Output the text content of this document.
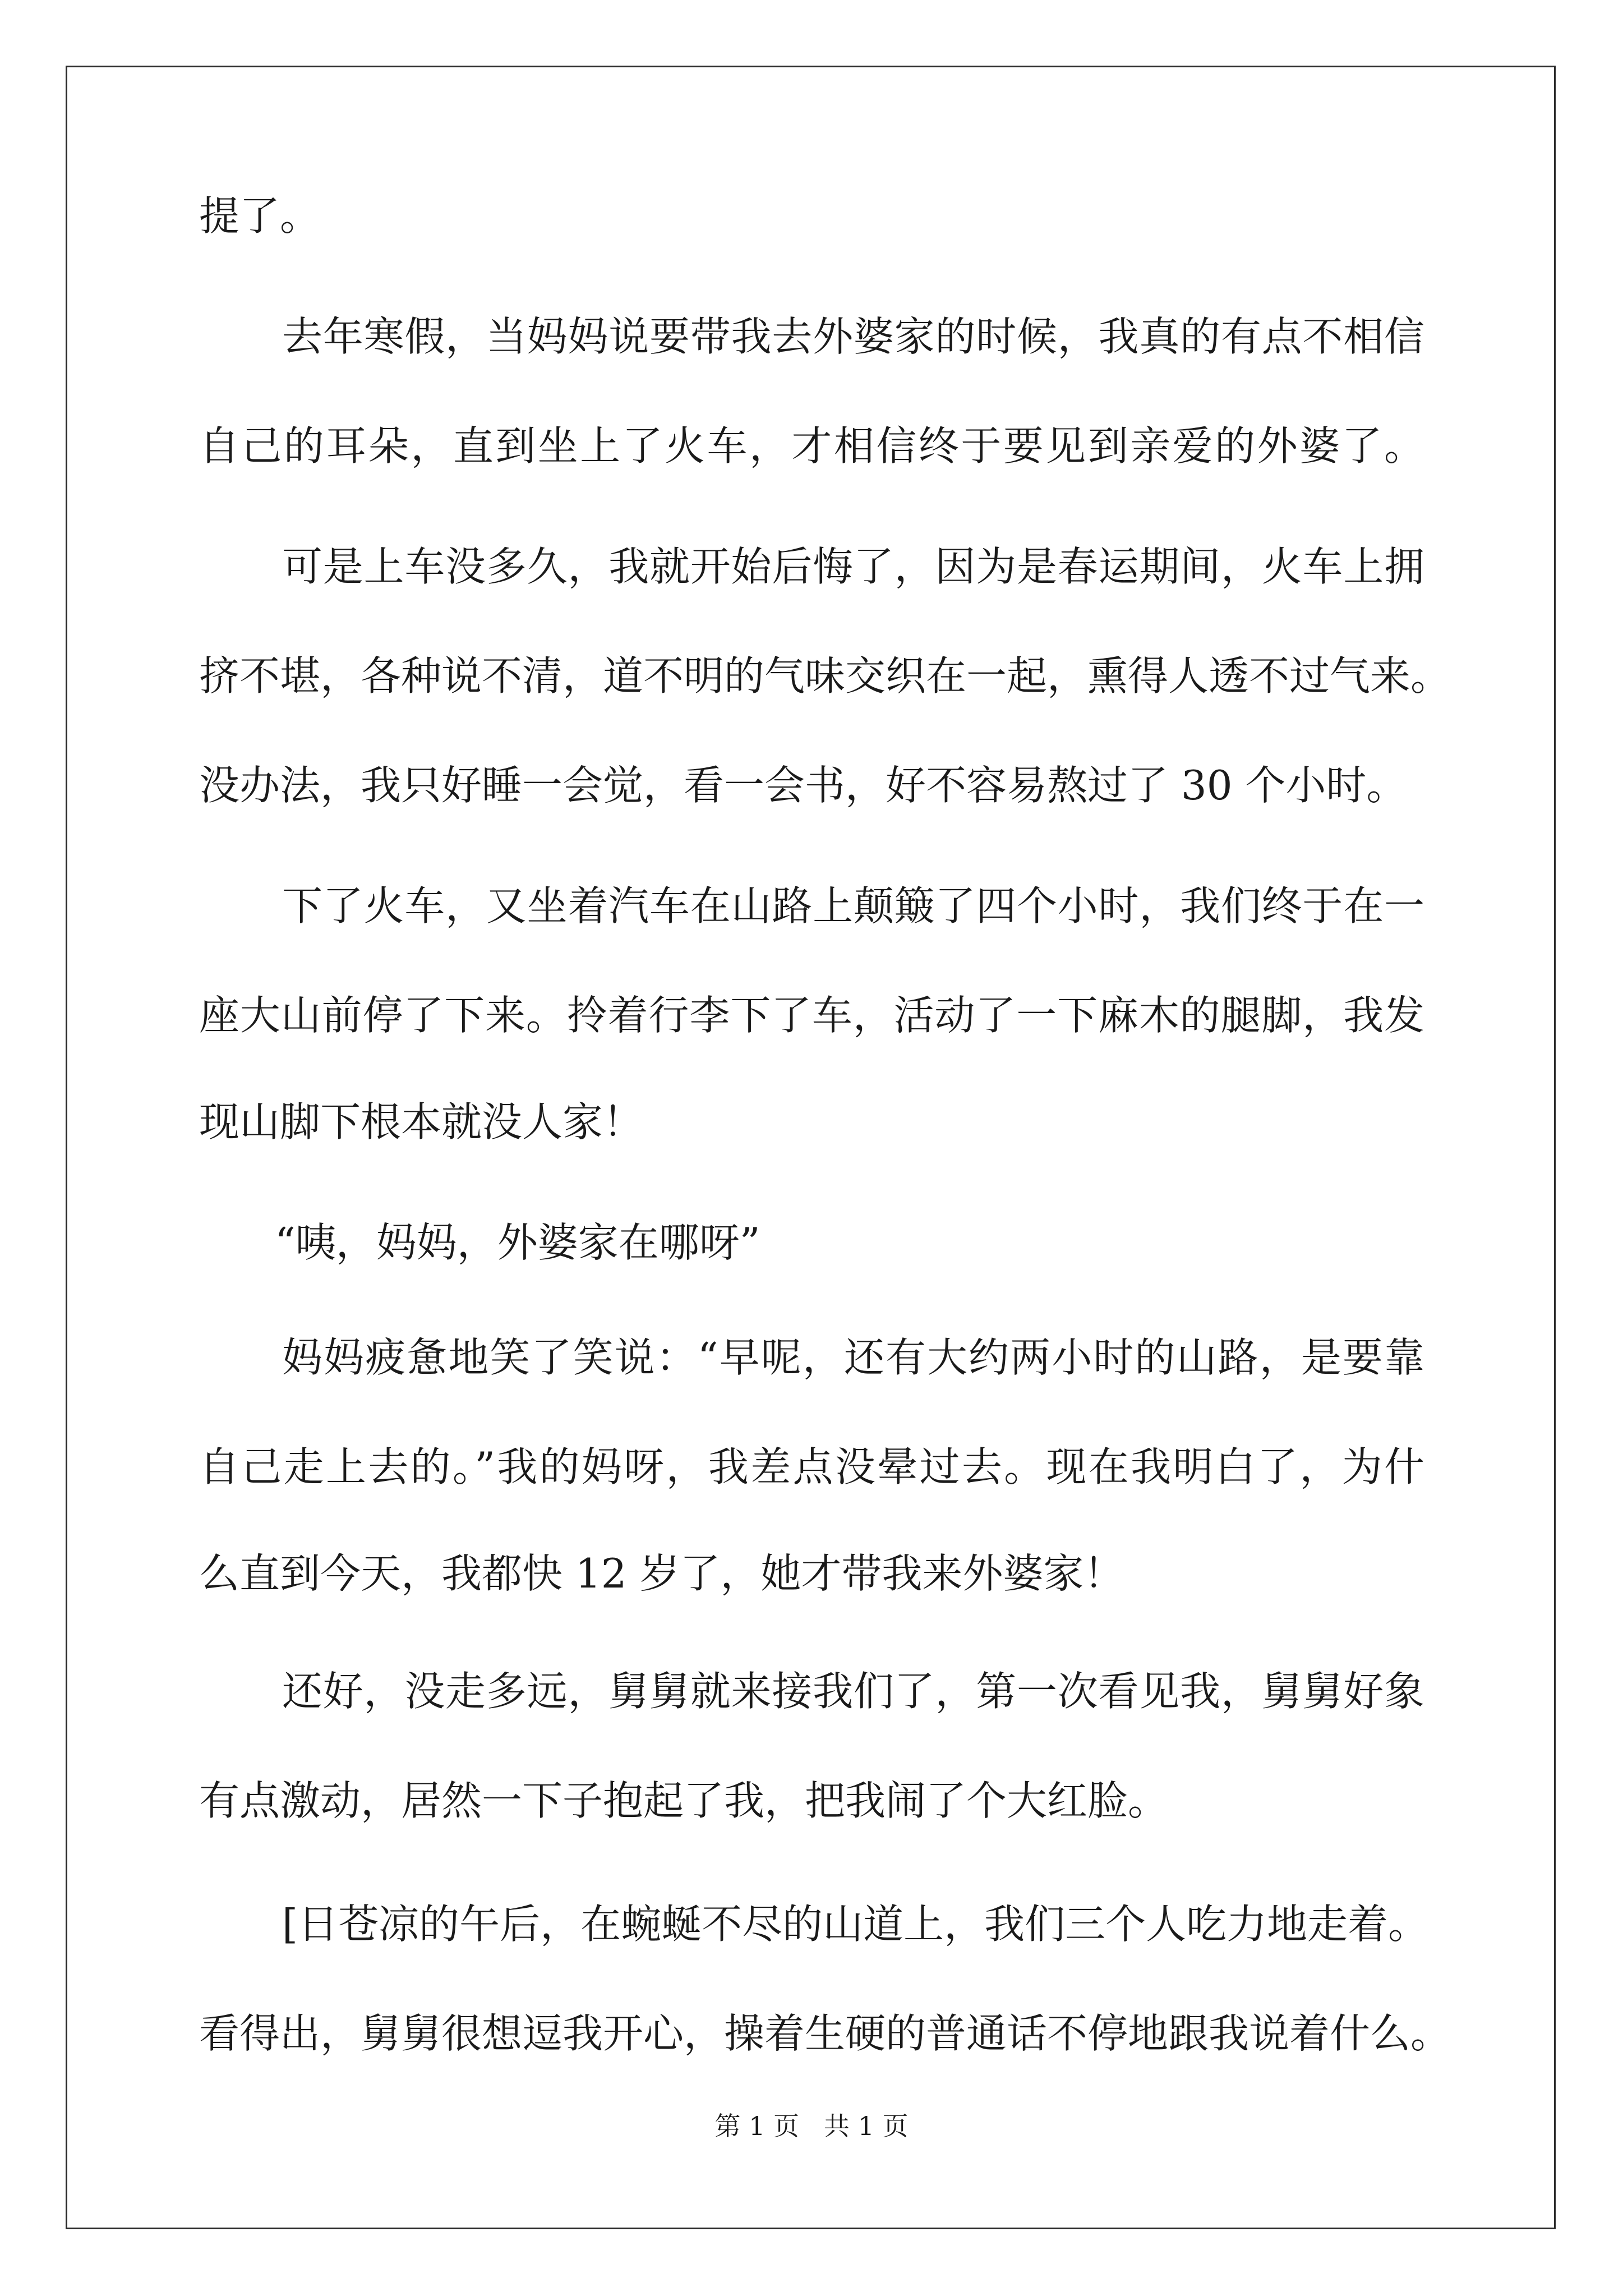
提了。
去年寒假，当妈妈说要带我去外婆家的时候，我真的有点不相信
自己的耳朵，直到坐上了火车，才相信终于要见到亲爱的外婆了。
可是上车没多久，我就开始后悔了，因为是春运期间，火车上拥
挤不堪，各种说不清，道不明的气味交织在一起，熏得人透不过气来。
没办法，我只好睡一会觉，看一会书，好不容易熬过了 30 个小时。
下了火车，又坐着汽车在山路上颠簸了四个小时，我们终于在一
座大山前停了下来。拎着行李下了车，活动了一下麻木的腿脚，我发
现山脚下根本就没人家！
“咦，妈妈，外婆家在哪呀”
妈妈疲惫地笑了笑说：“早呢，还有大约两小时的山路，是要靠
自己走上去的。”我的妈呀，我差点没晕过去。现在我明白了，为什
么直到今天，我都快 12 岁了，她才带我来外婆家！
还好，没走多远，舅舅就来接我们了，第一次看见我，舅舅好象
有点激动，居然一下子抱起了我，把我闹了个大红脸。
[日苍凉的午后，在蜿蜒不尽的山道上，我们三个人吃力地走着。
看得出，舅舅很想逗我开心，操着生硬的普通话不停地跟我说着什么。
第 1 页 共 1 页
